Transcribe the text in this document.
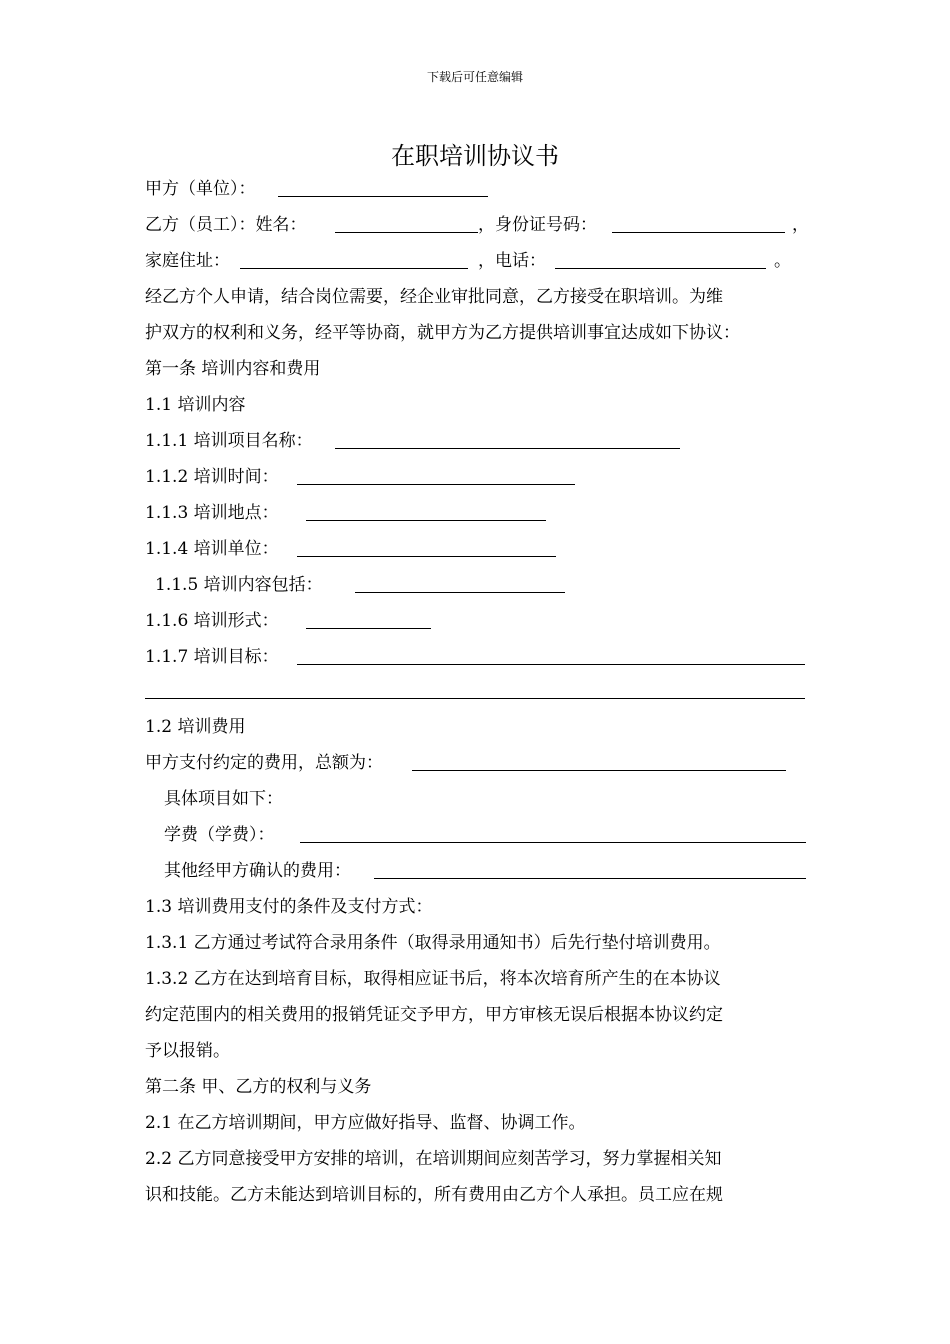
下载后可任意编辑
在职培训协议书
甲方（单位）：
乙方（员工）：姓名：	，身份证号码：	，
家庭住址：	，电话：	。
经乙方个人申请，结合岗位需要，经企业审批同意，乙方接受在职培训。为维
护双方的权利和义务，经平等协商，就甲方为乙方提供培训事宜达成如下协议：
第一条 培训内容和费用
1.1 培训内容
1.1.1 培训项目名称：
1.1.2 培训时间：
1.1.3 培训地点：
1.1.4 培训单位：
1.1.5 培训内容包括：
1.1.6 培训形式：
1.1.7 培训目标：
1.2 培训费用
甲方支付约定的费用，总额为：
具体项目如下：
学费（学费）：
其他经甲方确认的费用：
1.3 培训费用支付的条件及支付方式：
1.3.1 乙方通过考试符合录用条件（取得录用通知书）后先行垫付培训费用。
1.3.2 乙方在达到培育目标，取得相应证书后，将本次培育所产生的在本协议
约定范围内的相关费用的报销凭证交予甲方，甲方审核无误后根据本协议约定
予以报销。
第二条 甲、乙方的权利与义务
2.1 在乙方培训期间，甲方应做好指导、监督、协调工作。
2.2 乙方同意接受甲方安排的培训，在培训期间应刻苦学习，努力掌握相关知
识和技能。乙方未能达到培训目标的，所有费用由乙方个人承担。员工应在规
